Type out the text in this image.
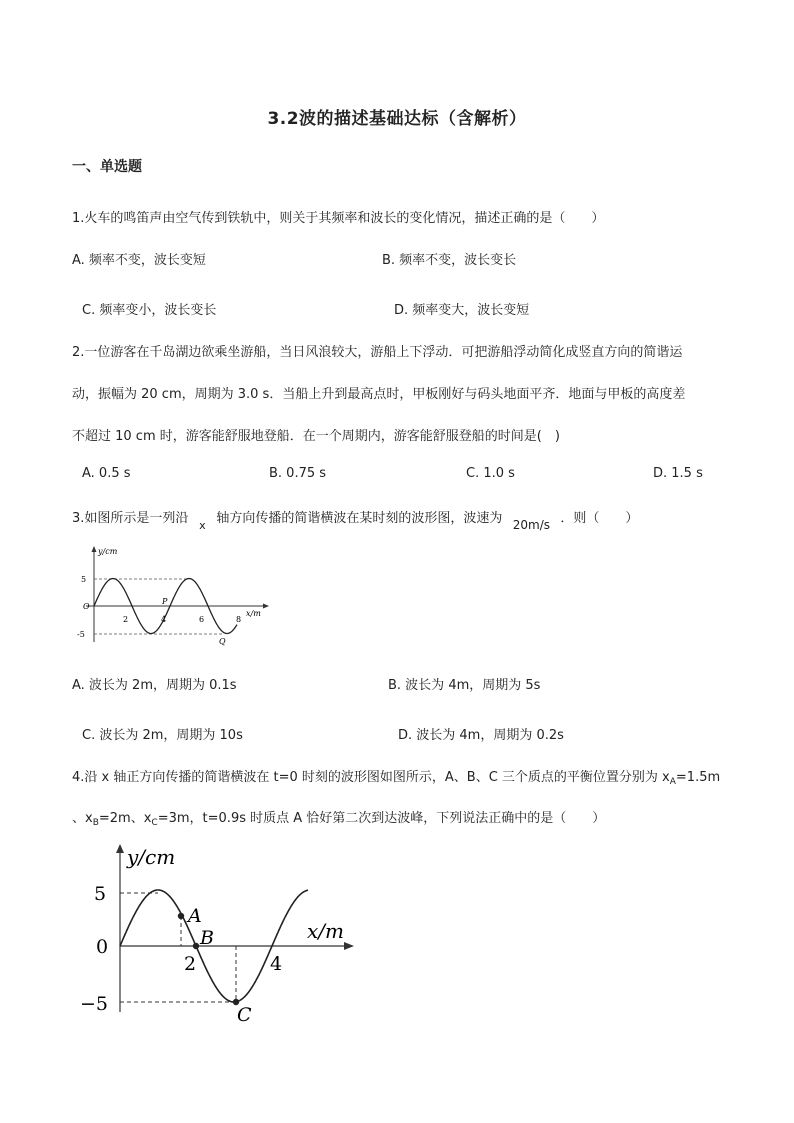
3.2波的描述基础达标（含解析）
一、单选题
1.火车的鸣笛声由空气传到铁轨中，则关于其频率和波长的变化情况，描述正确的是（　　）
A. 频率不变，波长变短	B. 频率不变，波长变长
C. 频率变小，波长变长	D. 频率变大，波长变短
2.一位游客在千岛湖边欲乘坐游船，当日风浪较大，游船上下浮动．可把游船浮动简化成竖直方向的简谐运
动，振幅为 20 cm，周期为 3.0 s．当船上升到最高点时，甲板刚好与码头地面平齐．地面与甲板的高度差
不超过 10 cm 时，游客能舒服地登船．在一个周期内，游客能舒服登船的时间是(　)
A. 0.5 s	B. 0.75 s	C. 1.0 s	D. 1.5 s
3.如图所示是一列沿 x 轴方向传播的简谐横波在某时刻的波形图，波速为 20m/s ．则（　　）
y/cm
x/m
5
-5
O
2	4	6	8
P
Q
A. 波长为 2m，周期为 0.1s	B. 波长为 4m，周期为 5s
C. 波长为 2m，周期为 10s	D. 波长为 4m，周期为 0.2s
4.沿 x 轴正方向传播的简谐横波在 t=0 时刻的波形图如图所示，A、B、C 三个质点的平衡位置分别为 $x_A=1.5m$
、$x_B=2m$、$x_C=3m$，t=0.9s 时质点 A 恰好第二次到达波峰，下列说法正确中的是（　　）
y/cm
x/m
5
0
−5
2	4
A
B
C
